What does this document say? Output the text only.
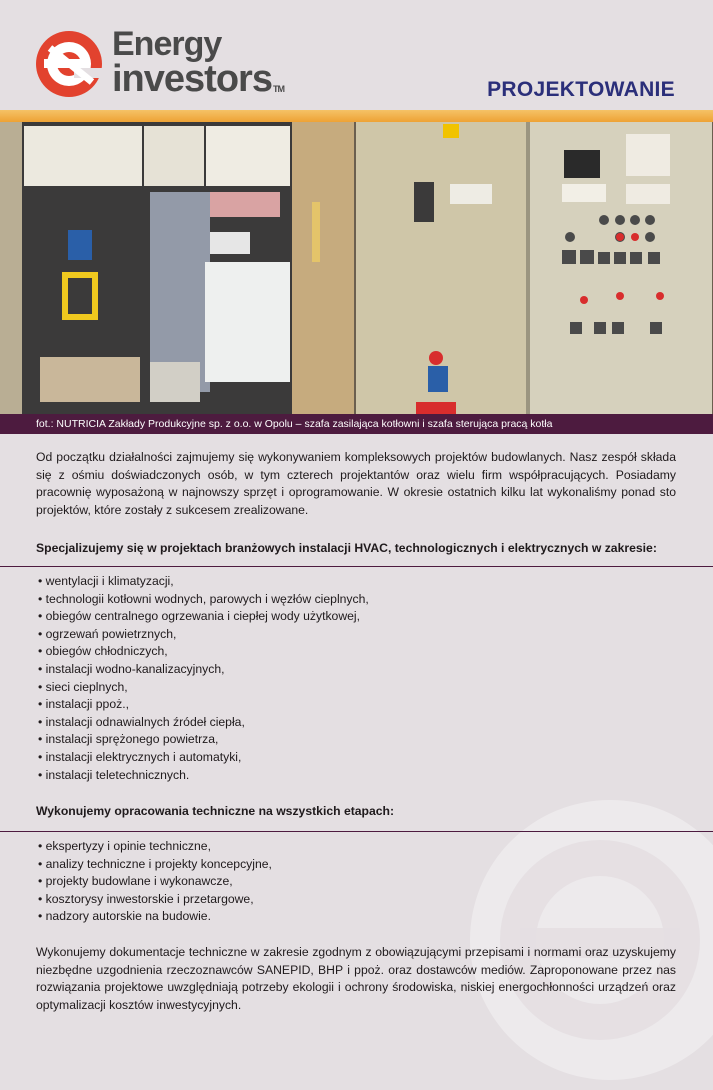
Energy
investors™	PROJEKTOWANIE
fot.: NUTRICIA Zakłady Produkcyjne sp. z o.o. w Opolu – szafa zasilająca kotłowni i szafa sterująca pracą kotła

Od początku działalności zajmujemy się wykonywaniem kompleksowych projektów budowlanych. Nasz zespół składa się z ośmiu doświadczonych osób, w tym czterech projektantów oraz wielu firm współpracujących. Posiadamy pracownię wyposażoną w najnowszy sprzęt i oprogramowanie. W okresie ostatnich kilku lat wykonaliśmy ponad sto projektów, które zostały z sukcesem zrealizowane.

Specjalizujemy się w projektach branżowych instalacji HVAC, technologicznych i elektrycznych w zakresie:
• wentylacji i klimatyzacji,
• technologii kotłowni wodnych, parowych i węzłów cieplnych,
• obiegów centralnego ogrzewania i ciepłej wody użytkowej,
• ogrzewań powietrznych,
• obiegów chłodniczych,
• instalacji wodno-kanalizacyjnych,
• sieci cieplnych,
• instalacji ppoż.,
• instalacji odnawialnych źródeł ciepła,
• instalacji sprężonego powietrza,
• instalacji elektrycznych i automatyki,
• instalacji teletechnicznych.
Wykonujemy opracowania techniczne na wszystkich etapach:
• ekspertyzy i opinie techniczne,
• analizy techniczne i projekty koncepcyjne,
• projekty budowlane i wykonawcze,
• kosztorysy inwestorskie i przetargowe,
• nadzory autorskie na budowie.

Wykonujemy dokumentacje techniczne w zakresie zgodnym z obowiązującymi przepisami i normami oraz uzyskujemy niezbędne uzgodnienia rzeczoznawców SANEPID, BHP i ppoż. oraz dostawców mediów. Zaproponowane przez nas rozwiązania projektowe uwzględniają potrzeby ekologii i ochrony środowiska, niskiej energochłonności urządzeń oraz optymalizacji kosztów inwestycyjnych.
